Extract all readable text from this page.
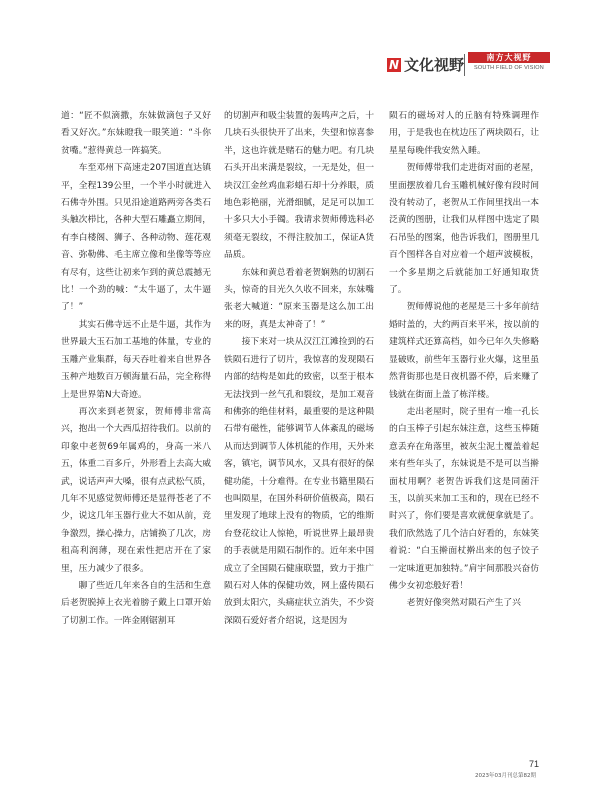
N 文化视野	南方大视野
SOUTH FIELD OF VISION

道：“匠不似滴撒，东妹做滴包子又好看又好次。”东妹瞪我一眼笑道：“斗你贫嘴。”惹得黄总一阵搞笑。

车至邓州下高速走207国道直达镇平，全程139公里，一个半小时就进入石佛寺外围。只见沿途道路两旁各类石头触次栉比，各种大型石雕矗立期间，有李白楼阁、狮子、各种动物、莲花观音、弥勒佛、毛主席立像和坐像等等应有尽有，这些让初来乍到的黄总震撼无比！一个劲的喊：“太牛逼了，太牛逼了！”

其实石佛寺远不止是牛逼，其作为世界最大玉石加工基地的体量，专业的玉雕产业集群，每天吞吐着来自世界各玉种产地数百万顿海量石品，完全称得上是世界第N大奇迹。

再次来到老贺家，贺师傅非常高兴，抱出一个大西瓜招待我们。以前的印象中老贺69年属鸡的，身高一米八五，体重二百多斤，外形看上去高大威武，说话声声大嗓，很有点武松气质，几年不见感觉贺师傅还是显得苍老了不少，说这几年玉器行业大不如从前，竞争激烈，操心操力，店铺换了几次，房租高利润薄，现在索性把店开在了家里，压力减少了很多。

聊了些近几年来各自的生活和生意后老贺脱掉上衣光着膀子戴上口罩开始了切割工作。一阵金刚锯割耳

的切割声和吸尘装置的轰鸣声之后，十几块石头很快开了出来，失望和惊喜参半，这也许就是赌石的魅力吧。有几块石头开出来满是裂纹，一无是处，但一块汉江金丝鸡血彩蜡石却十分养眼，质地色彩艳丽，光滑细腻，足足可以加工十多只大小手镯。我请求贺师傅选料必须毫无裂纹，不得注胶加工，保证A货品质。

东妹和黄总看着老贺娴熟的切割石头，惊奇的目光久久收不回来，东妹嘴张老大喊道：“原来玉器是这么加工出来的呀，真是太神奇了！”

接下来对一块从汉江江滩捡到的石铁陨石进行了切片，我惊喜的发现陨石内部的结构是如此的致密，以至于根本无法找到一丝气孔和裂纹，是加工观音和佛弥的绝佳材料，最重要的是这种陨石带有磁性，能够调节人体紊乱的磁场从而达到调节人体机能的作用，天外来客，镇宅，调节风水，又具有很好的保健功能，十分难得。在专业书籍里陨石也叫陨星，在国外科研价值极高，陨石里发现了地球上没有的物质，它的维斯台登花纹让人惊艳，听说世界上最昂贵的手表就是用陨石制作的。近年来中国成立了全国陨石健康联盟，致力于推广陨石对人体的保健功效，网上盛传陨石放到太阳穴，头痛症状立消失，不少资深陨石爱好者介绍说，这是因为

陨石的磁场对人的丘脑有特殊调理作用，于是我也在枕边压了两块陨石，让星星每晚伴我安然入睡。

贺师傅带我们走进街对面的老屋，里面摆放着几台玉雕机械好像有段时间没有转动了，老贺从工作间里找出一本泛黄的图册，让我们从样图中选定了陨石吊坠的图案，他告诉我们，图册里几百个图样各自对应着一个超声波模板，一个多星期之后就能加工好通知取货了。

贺师傅说他的老屋是三十多年前结婚时盖的，大约两百来平米，按以前的建筑样式还算高档，如今已年久失修略显破败，前些年玉器行业火爆，这里虽然背街那也是日夜机器不停，后来赚了钱就在街面上盖了栋洋楼。

走出老屋时，院子里有一堆一孔长的白玉棒子引起东妹注意，这些玉棒随意丢弃在角落里，被灰尘泥土覆盖着起来有些年头了，东妹说是不是可以当擀面杖用啊？老贺告诉我们这是同菌汗玉，以前买来加工玉和的，现在已经不时兴了，你们要是喜欢就便拿就是了。我们欣然选了几个洁白好看的，东妹笑着说：“白玉擀面杖擀出来的包子饺子一定味道更加独特。”肩宇间那股兴奋仿佛少女初恋般好看！

老贺好像突然对陨石产生了兴

71
2023年03月刊总第82期
